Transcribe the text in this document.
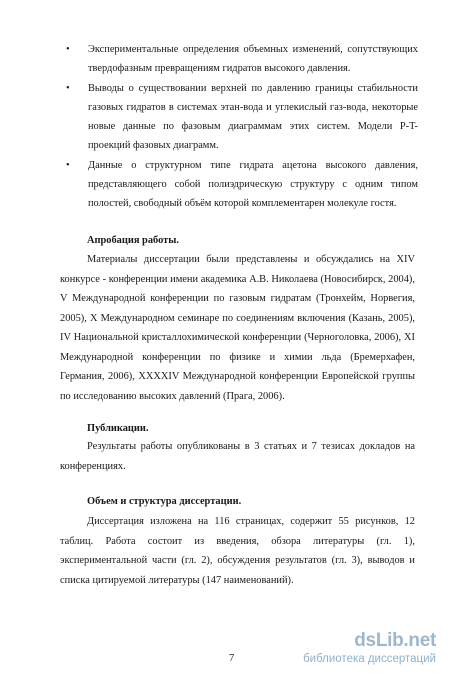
•	Экспериментальные определения объемных изменений, сопутствующих твердофазным превращениям гидратов высокого давления.
•	Выводы о существовании верхней по давлению границы стабильности газовых гидратов в системах этан-вода и углекислый газ-вода, некоторые новые данные по фазовым диаграммам этих систем. Модели P-T-проекций фазовых диаграмм.
•	Данные о структурном типе гидрата ацетона высокого давления, представляющего собой полиэдрическую структуру с одним типом полостей, свободный объём которой комплементарен молекуле гостя.
Апробация работы.

Материалы диссертации были представлены и обсуждались на XIV конкурсе - конференции имени академика А.В. Николаева (Новосибирск, 2004), V Международной конференции по газовым гидратам (Тронхейм, Норвегия, 2005), X Международном семинаре по соединениям включения (Казань, 2005), IV Национальной кристаллохимической конференции (Черноголовка, 2006), XI Международной конференции по физике и химии льда (Бремерхафен, Германия, 2006), XXXXIV Международной конференции Европейской группы по исследованию высоких давлений (Прага, 2006).

Публикации.

Результаты работы опубликованы в 3 статьях и 7 тезисах докладов на конференциях.

Объем и структура диссертации.

Диссертация изложена на 116 страницах, содержит 55 рисунков, 12 таблиц. Работа состоит из введения, обзора литературы (гл. 1), экспериментальной части (гл. 2), обсуждения результатов (гл. 3), выводов и списка цитируемой литературы (147 наименований).

7
dsLib.net
библиотека диссертаций
